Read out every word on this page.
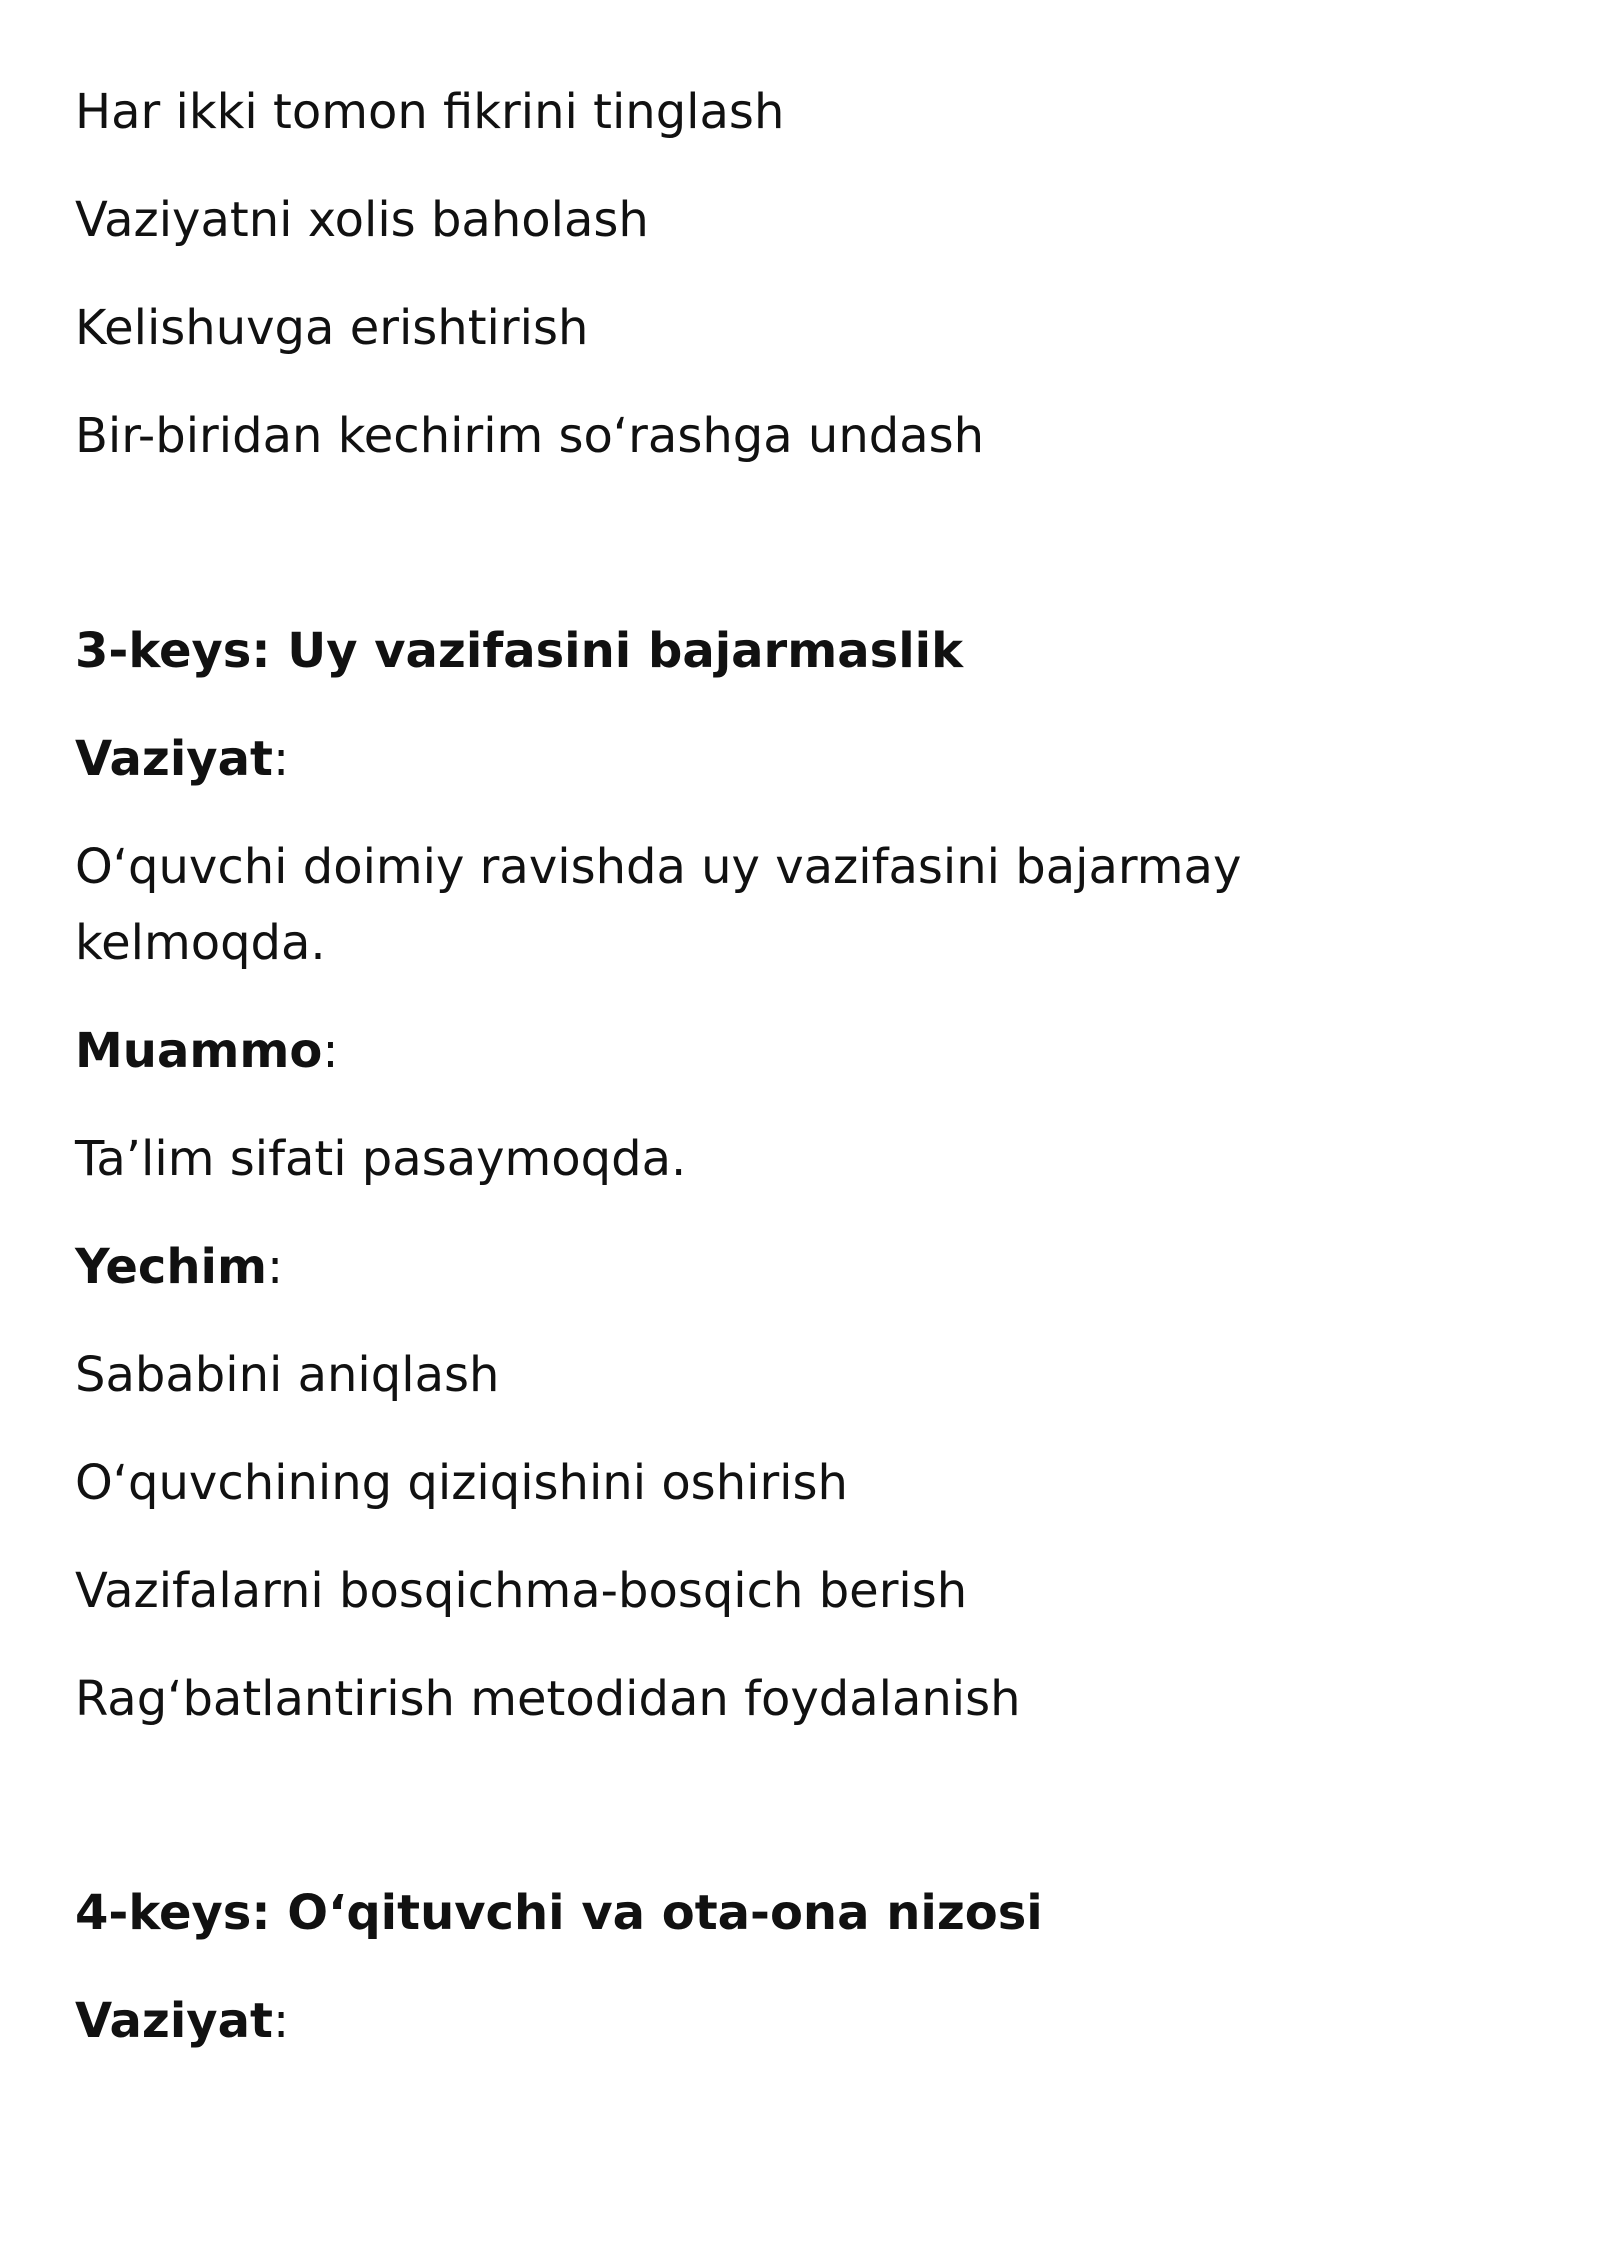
Har ikki tomon fikrini tinglash

Vaziyatni xolis baholash

Kelishuvga erishtirish

Bir-biridan kechirim so‘rashga undash

3-keys: Uy vazifasini bajarmaslik

Vaziyat:

O‘quvchi doimiy ravishda uy vazifasini bajarmay

kelmoqda.

Muammo:

Ta’lim sifati pasaymoqda.

Yechim:

Sababini aniqlash

O‘quvchining qiziqishini oshirish

Vazifalarni bosqichma-bosqich berish

Rag‘batlantirish metodidan foydalanish

4-keys: O‘qituvchi va ota-ona nizosi

Vaziyat:
